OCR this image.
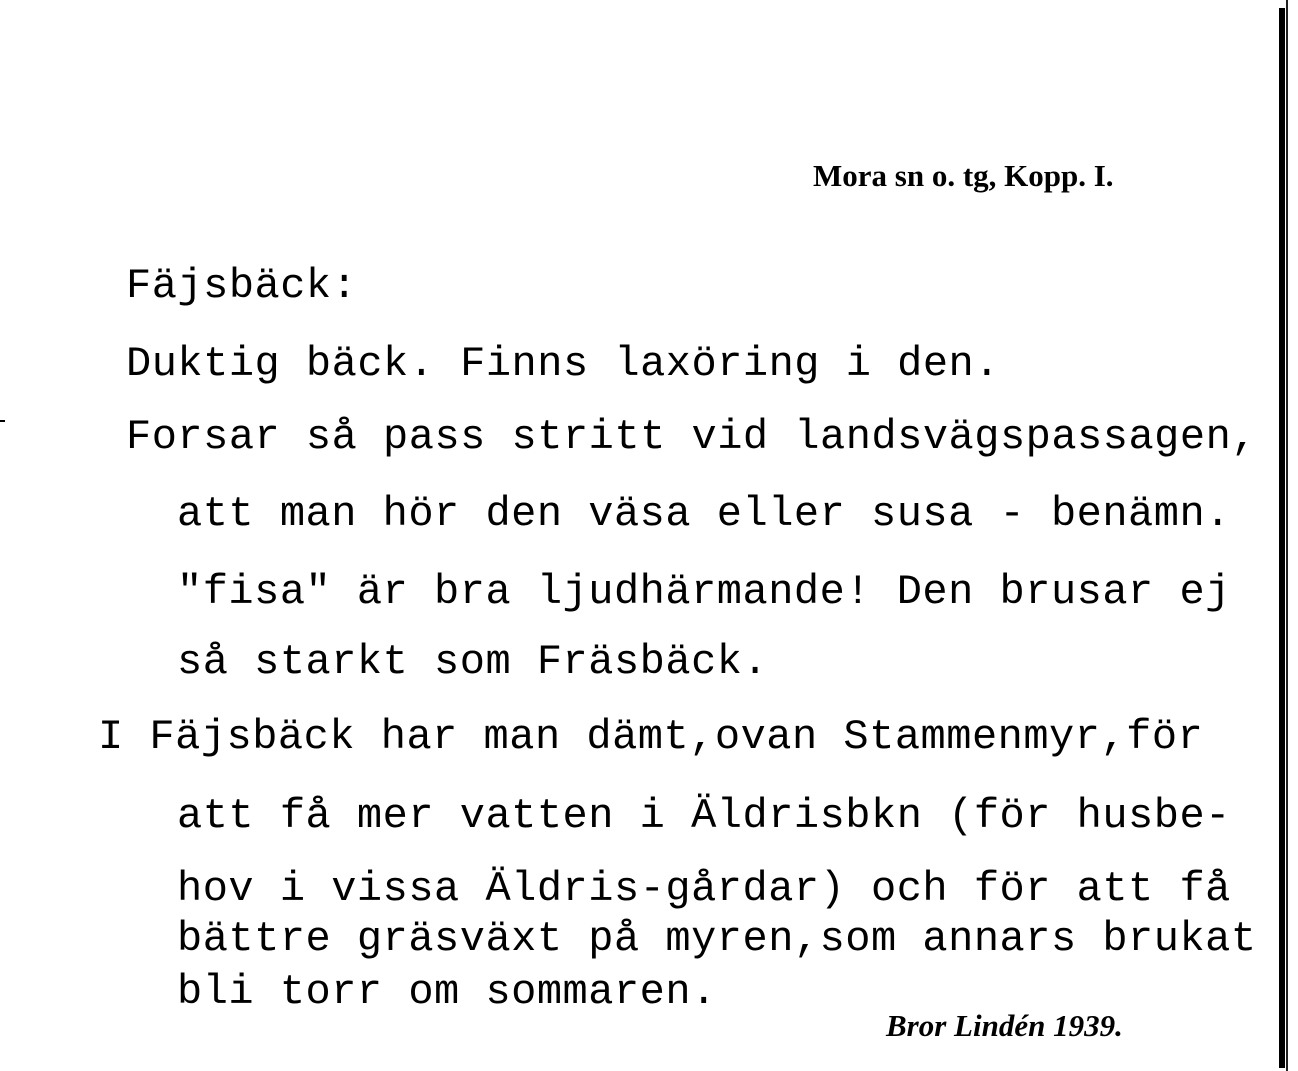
Mora sn o. tg, Kopp. I.
Fäjsbäck:
Duktig bäck. Finns laxöring i den.
Forsar så pass stritt vid landsvägspassagen,
att man hör den väsa eller susa - benämn.
"fisa" är bra ljudhärmande! Den brusar ej
så starkt som Fräsbäck.
I Fäjsbäck har man dämt,ovan Stammenmyr,för
att få mer vatten i Äldrisbkn (för husbe-
hov i vissa Äldris-gårdar) och för att få
bättre gräsväxt på myren,som annars brukat
bli torr om sommaren.
Bror Lindén 1939.
